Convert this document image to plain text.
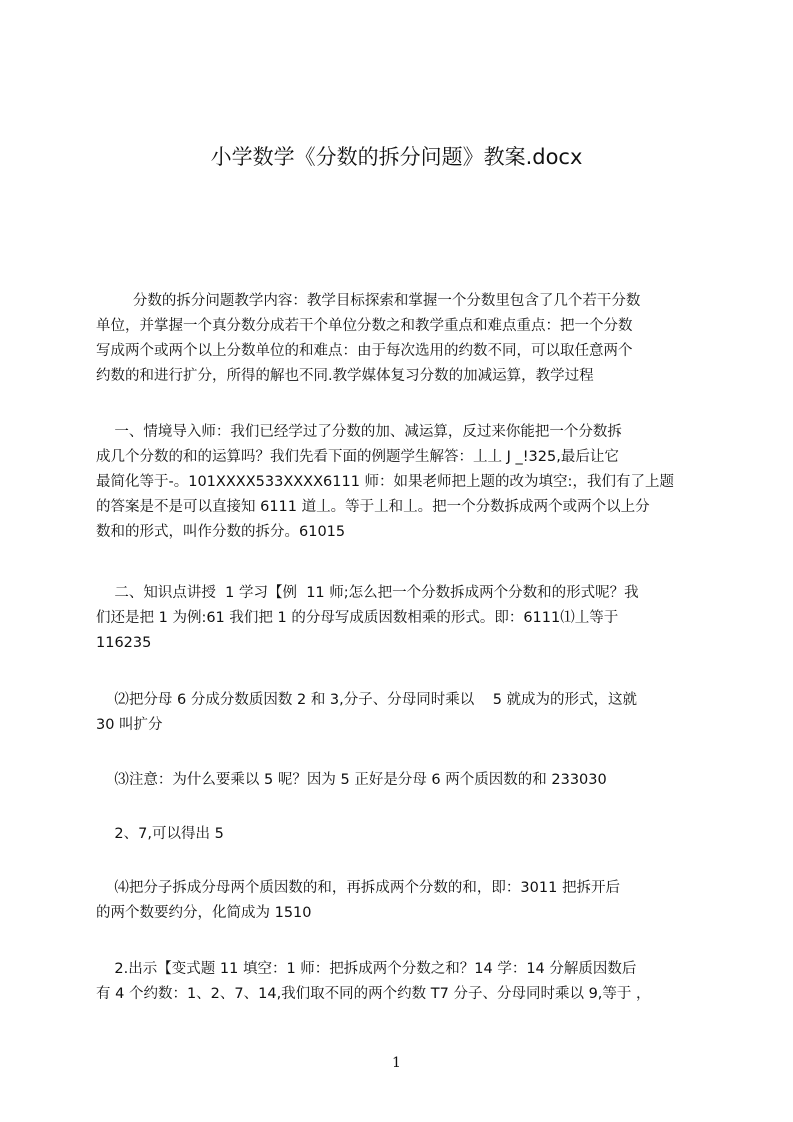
小学数学《分数的拆分问题》教案.docx
分数的拆分问题教学内容：教学目标探索和掌握一个分数里包含了几个若干分数
单位，并掌握一个真分数分成若干个单位分数之和教学重点和难点重点：把一个分数
写成两个或两个以上分数单位的和难点：由于每次选用的约数不同，可以取任意两个
约数的和进行扩分，所得的解也不同.教学媒体复习分数的加减运算，教学过程
一、情境导入师：我们已经学过了分数的加、减运算，反过来你能把一个分数拆
成几个分数的和的运算吗？我们先看下面的例题学生解答：丄丄 J _!325,最后让它
最简化等于-。101XXXX533XXXX6111 师：如果老师把上题的改为填空:，我们有了上题
的答案是不是可以直接知 6111 道丄。等于丄和丄。把一个分数拆成两个或两个以上分
数和的形式，叫作分数的拆分。61015
二、知识点讲授  1 学习【例  11 师;怎么把一个分数拆成两个分数和的形式呢？我
们还是把 1 为例:61 我们把 1 的分母写成质因数相乘的形式。即：6111⑴丄等于
116235
⑵把分母 6 分成分数质因数 2 和 3,分子、分母同时乘以    5 就成为的形式，这就
30 叫扩分
⑶注意：为什么要乘以 5 呢？因为 5 正好是分母 6 两个质因数的和 233030
2、7,可以得出 5
⑷把分子拆成分母两个质因数的和，再拆成两个分数的和，即：3011 把拆开后
的两个数要约分，化简成为 1510
2.出示【变式题 11 填空：1 师：把拆成两个分数之和？14 学：14 分解质因数后
有 4 个约数：1、2、7、14,我们取不同的两个约数 T7 分子、分母同时乘以 9,等于 ，
1
